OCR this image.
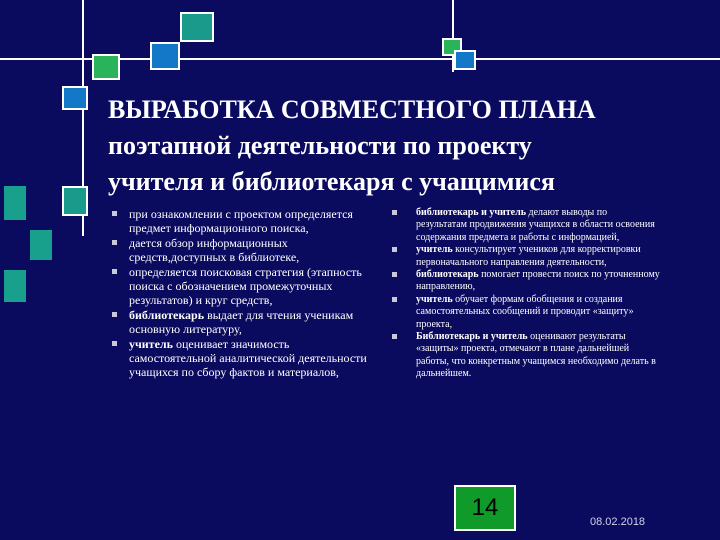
ВЫРАБОТКА СОВМЕСТНОГО ПЛАНА
поэтапной деятельности по проекту
учителя и библиотекаря с учащимися
при ознакомлении с проектом определяется предмет информационного поиска,
дается обзор информационных средств,доступных в библиотеке,
определяется поисковая стратегия (этапность поиска с обозначением промежуточных результатов) и круг средств,
библиотекарь выдает для чтения ученикам основную литературу,
учитель оценивает значимость самостоятельной аналитической деятельности учащихся по сбору фактов и материалов,
библиотекарь и учитель делают выводы по результатам продвижения учащихся в области освоения содержания предмета и работы с информацией,
учитель консультирует учеников для корректировки первоначального направления деятельности,
библиотекарь помогает провести поиск по уточненному направлению,
учитель обучает формам обобщения и создания самостоятельных сообщений и проводит «защиту» проекта,
Библиотекарь и учитель оценивают результаты «защиты» проекта, отмечают в плане дальнейшей работы, что конкретным учащимся необходимо делать в дальнейшем.
14
08.02.2018
